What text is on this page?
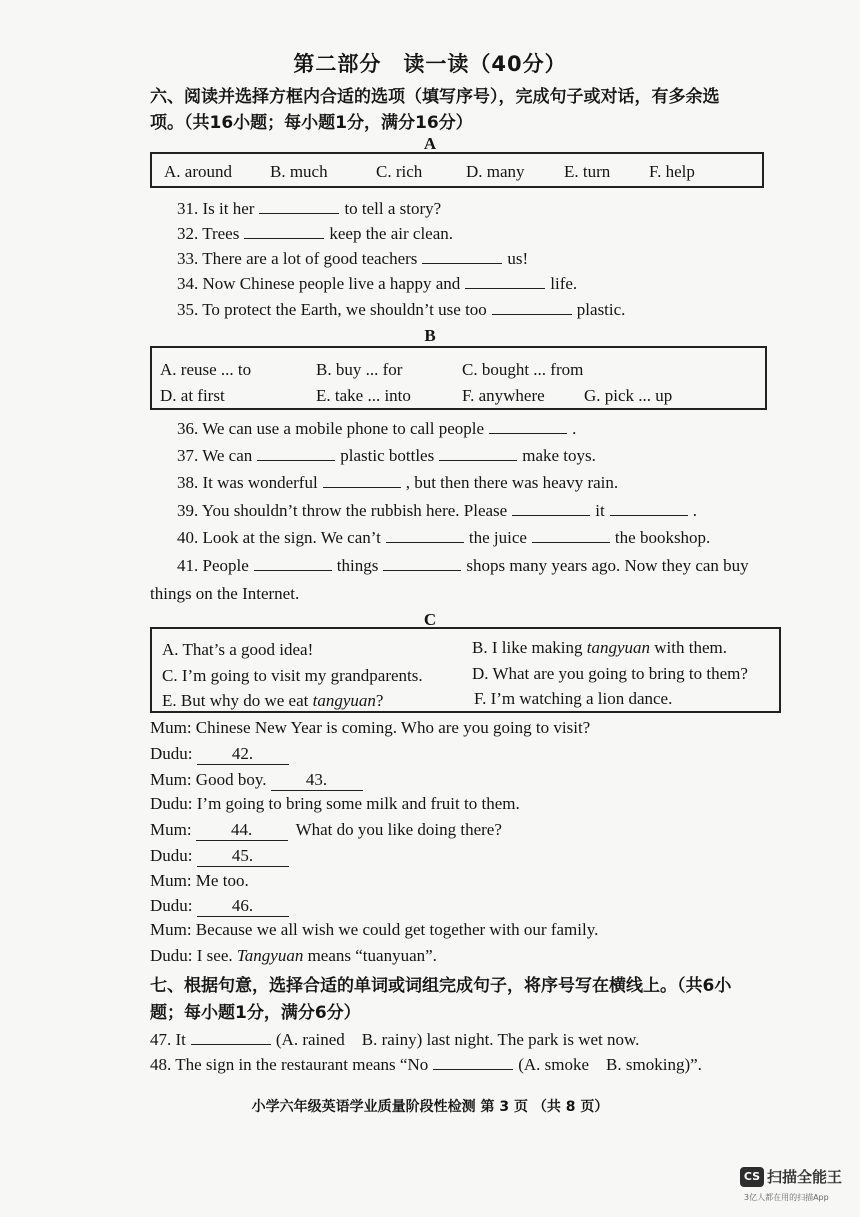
第二部分　读一读（40分）
六、阅读并选择方框内合适的选项（填写序号），完成句子或对话，有多余选
项。（共16小题；每小题1分，满分16分）
A
A. around B. much	C. rich	D. many E. turn F. help
31. Is it her	to tell a story?
32. Trees	keep the air clean.
33. There are a lot of good teachers	us!
34. Now Chinese people live a happy and	life.
35. To protect the Earth, we shouldn’t use too	plastic.
B
A. reuse ... to	B. buy ... for	C. bought ... from
D. at first	E. take ... into	F. anywhere G. pick ... up
36. We can use a mobile phone to call people	.
37. We can	plastic bottles	make toys.
38. It was wonderful	, but then there was heavy rain.
39. You shouldn’t throw the rubbish here. Please	it	.
40. Look at the sign. We can’t	the juice	the bookshop.
41. People	things	shops many years ago. Now they can buy
things on the Internet.
C
A. That’s a good idea!	B. I like making tangyuan with them.
C. I’m going to visit my grandparents.	D. What are you going to bring to them?
E. But why do we eat tangyuan?	F. I’m watching a lion dance.
Mum: Chinese New Year is coming. Who are you going to visit?
Dudu: 42.
Mum: Good boy. 43.
Dudu: I’m going to bring some milk and fruit to them.
Mum: 44.	What do you like doing there?
Dudu: 45.
Mum: Me too.
Dudu: 46.
Mum: Because we all wish we could get together with our family.
Dudu: I see. Tangyuan means “tuanyuan”.
七、根据句意，选择合适的单词或词组完成句子，将序号写在横线上。（共6小
题；每小题1分，满分6分）
47. It	(A. rained　B. rainy) last night. The park is wet now.
48. The sign in the restaurant means “No	(A. smoke　B. smoking)”.
小学六年级英语学业质量阶段性检测 第 3 页 （共 8 页）
CS 扫描全能王
3亿人都在用的扫描App
